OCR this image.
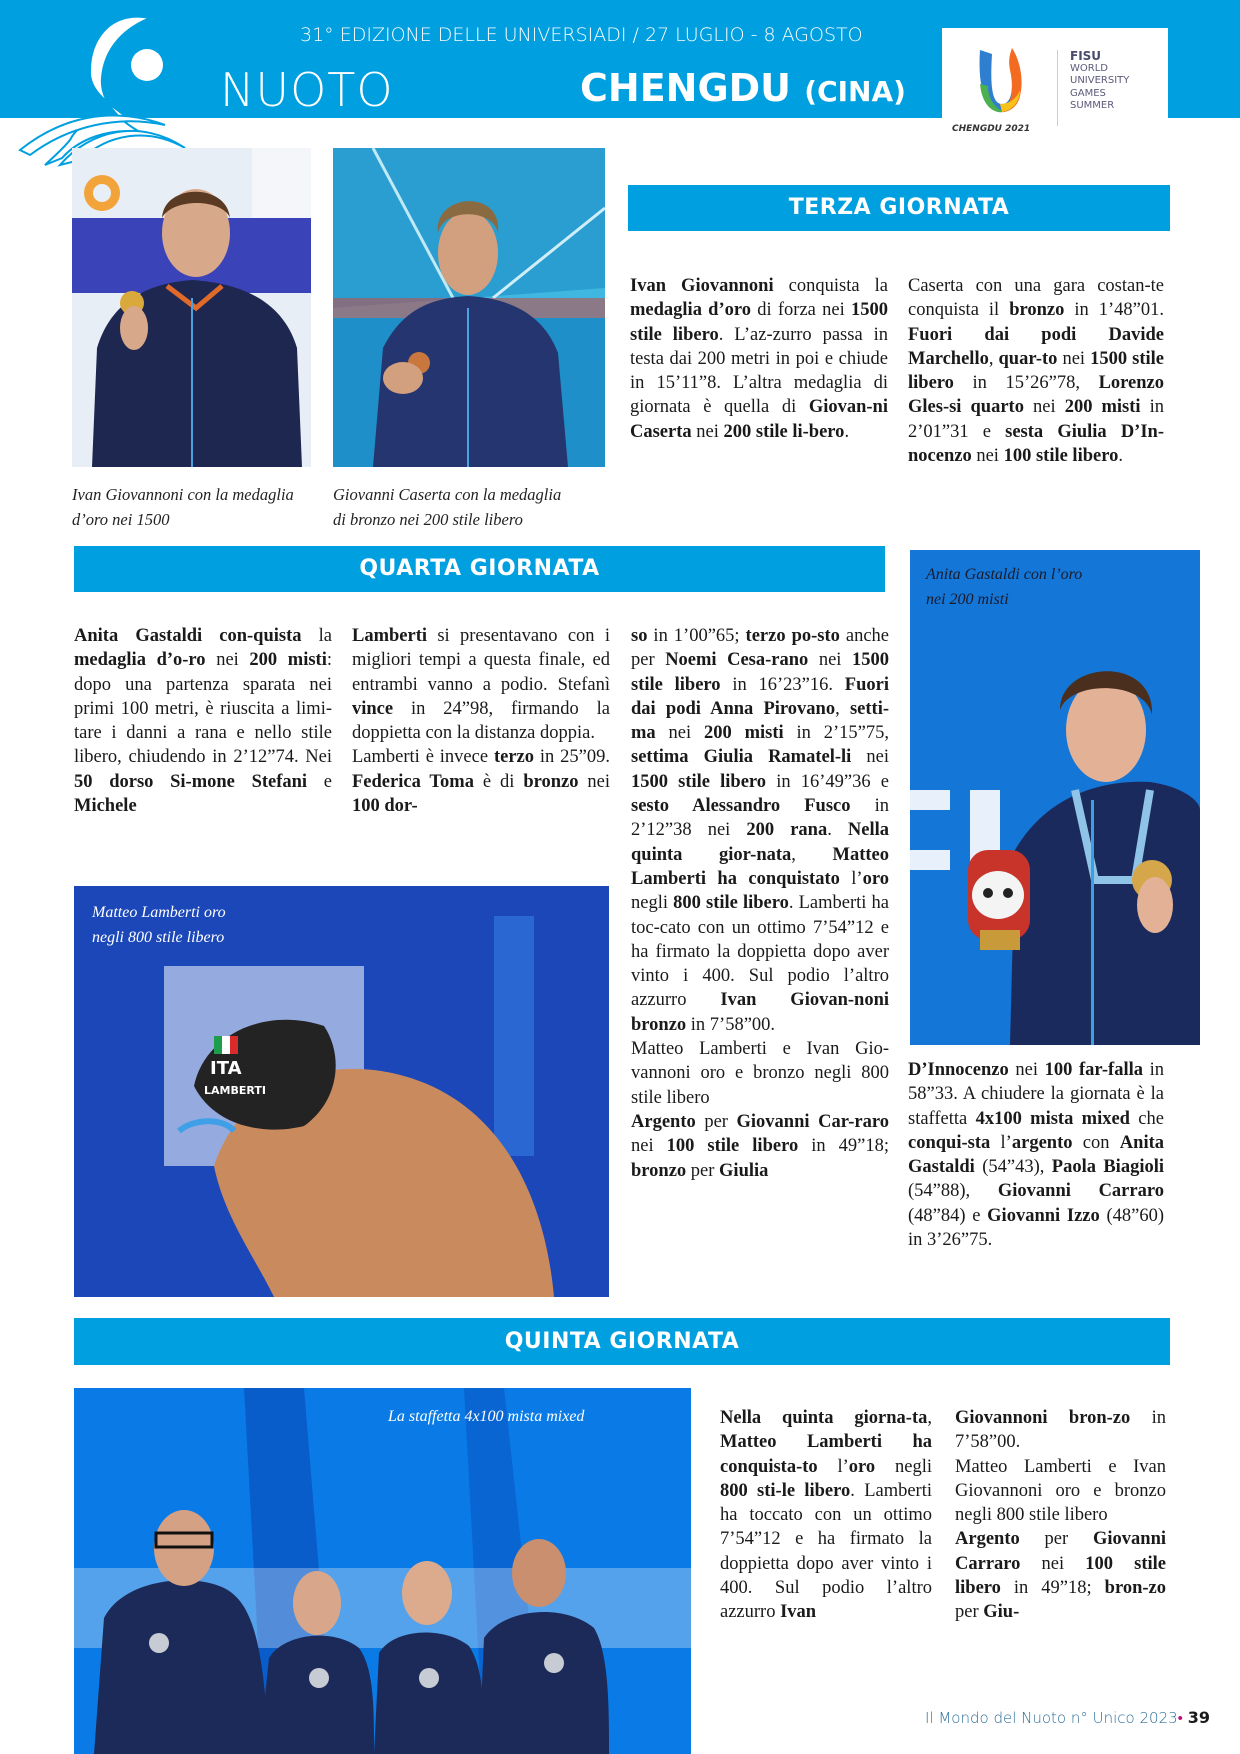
31° EDIZIONE DELLE UNIVERSIADI / 27 LUGLIO - 8 AGOSTO
NUOTO	CHENGDU (CINA)
CHENGDU 2021
FISU
WORLD
UNIVERSITY
GAMES
SUMMER
Ivan Giovannoni con la medaglia
d’oro nei 1500
Giovanni Caserta con la medaglia
di bronzo nei 200 stile libero
TERZA GIORNATA
Ivan Giovannoni conquista la medaglia d’oro di forza nei 1500 stile libero. L’az-zurro passa in testa dai 200 metri in poi e chiude in 15’11”8. L’altra medaglia di giornata è quella di Giovan-ni Caserta nei 200 stile li-bero.
Caserta con una gara costan-te conquista il bronzo in 1’48”01. Fuori dai podi Davide Marchello, quar-to nei 1500 stile libero in 15’26”78, Lorenzo Gles-si quarto nei 200 misti in 2’01”31 e sesta Giulia D’In-nocenzo nei 100 stile libero.
QUARTA GIORNATA	Anita Gastaldi con l’oro
nei 200 misti
Anita Gastaldi con-quista la medaglia d’o-ro nei 200 misti: dopo una partenza sparata nei primi 100 metri, è riuscita a limi-tare i danni a rana e nello stile libero, chiudendo in 2’12”74. Nei 50 dorso Si-mone Stefani e Michele

Lamberti si presentavano con i migliori tempi a questa finale, ed entrambi vanno a podio. Stefanì vince in 24”98, firmando la doppietta con la distanza doppia.

Lamberti è invece terzo in 25”09. Federica Toma è di bronzo nei 100 dor-

so in 1’00”65; terzo po-sto anche per Noemi Cesa-rano nei 1500 stile libero in 16’23”16. Fuori dai podi Anna Pirovano, setti-ma nei 200 misti in 2’15”75, settima Giulia Ramatel-li nei 1500 stile libero in 16’49”36 e sesto Alessandro Fusco in 2’12”38 nei 200 rana. Nella quinta gior-nata, Matteo Lamberti ha conquistato l’oro negli 800 stile libero. Lamberti ha toc-cato con un ottimo 7’54”12 e ha firmato la doppietta dopo aver vinto i 400. Sul podio l’altro azzurro Ivan Giovan-noni bronzo in 7’58”00.

Matteo Lamberti e Ivan Gio-vannoni oro e bronzo negli 800 stile libero

Argento per Giovanni Car-raro nei 100 stile libero in 49”18; bronzo per Giulia

D’Innocenzo nei 100 far-falla in 58”33. A chiudere la giornata è la staffetta 4x100 mista mixed che conqui-sta l’argento con Anita Gastaldi (54”43), Paola Biagioli (54”88), Giovanni Carraro (48”84) e Giovanni Izzo (48”60) in 3’26”75.
ITA
LAMBERTI
Matteo Lamberti oro
negli 800 stile libero
QUINTA GIORNATA
La staffetta 4x100 mista mixed	Nella quinta giorna-ta, Matteo Lamberti ha conquista-to l’oro negli 800 sti-le libero. Lamberti ha toccato con un ottimo 7’54”12 e ha firmato la doppietta dopo aver vinto i 400. Sul podio l’altro azzurro Ivan

Giovannoni bron-zo in 7’58”00.

Matteo Lamberti e Ivan Giovannoni oro e bronzo negli 800 stile libero

Argento per Giovanni Carraro nei 100 stile libero in 49”18; bron-zo per Giu-

Il Mondo del Nuoto n° Unico 2023• 39
